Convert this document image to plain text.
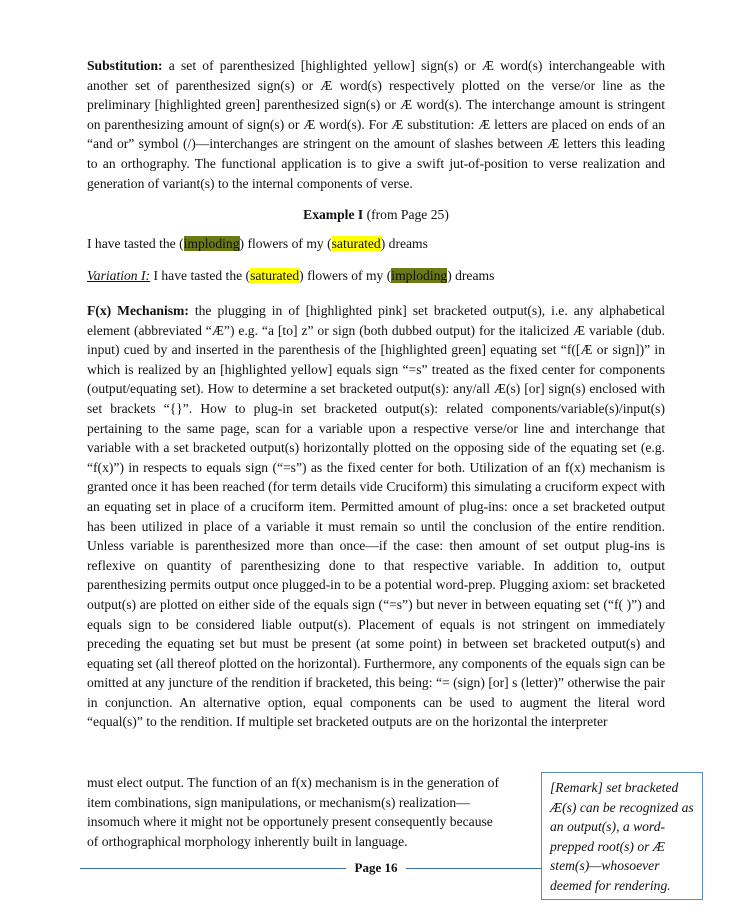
Substitution: a set of parenthesized [highlighted yellow] sign(s) or Æ word(s) interchangeable with another set of parenthesized sign(s) or Æ word(s) respectively plotted on the verse/or line as the preliminary [highlighted green] parenthesized sign(s) or Æ word(s). The interchange amount is stringent on parenthesizing amount of sign(s) or Æ word(s). For Æ substitution: Æ letters are placed on ends of an “and or” symbol (/)—interchanges are stringent on the amount of slashes between Æ letters this leading to an orthography. The functional application is to give a swift jut-of-position to verse realization and generation of variant(s) to the internal components of verse.

Example I (from Page 25)
I have tasted the (imploding) flowers of my (saturated) dreams
Variation I: I have tasted the (saturated) flowers of my (imploding) dreams

F(x) Mechanism: the plugging in of [highlighted pink] set bracketed output(s), i.e. any alphabetical element (abbreviated “Æ”) e.g. “a [to] z” or sign (both dubbed output) for the italicized Æ variable (dub. input) cued by and inserted in the parenthesis of the [highlighted green] equating set “f([Æ or sign])” in which is realized by an [highlighted yellow] equals sign “=s” treated as the fixed center for components (output/equating set). How to determine a set bracketed output(s): any/all Æ(s) [or] sign(s) enclosed with set brackets “{}”. How to plug-in set bracketed output(s): related components/variable(s)/input(s) pertaining to the same page, scan for a variable upon a respective verse/or line and interchange that variable with a set bracketed output(s) horizontally plotted on the opposing side of the equating set (e.g. “f(x)”) in respects to equals sign (“=s”) as the fixed center for both. Utilization of an f(x) mechanism is granted once it has been reached (for term details vide Cruciform) this simulating a cruciform expect with an equating set in place of a cruciform item. Permitted amount of plug-ins: once a set bracketed output has been utilized in place of a variable it must remain so until the conclusion of the entire rendition. Unless variable is parenthesized more than once—if the case: then amount of set output plug-ins is reflexive on quantity of parenthesizing done to that respective variable. In addition to, output parenthesizing permits output once plugged-in to be a potential word-prep. Plugging axiom: set bracketed output(s) are plotted on either side of the equals sign (“=s”) but never in between equating set (“f( )”) and equals sign to be considered liable output(s). Placement of equals is not stringent on immediately preceding the equating set but must be present (at some point) in between set bracketed output(s) and equating set (all thereof plotted on the horizontal). Furthermore, any components of the equals sign can be omitted at any juncture of the rendition if bracketed, this being: “= (sign) [or] s (letter)” otherwise the pair in conjunction. An alternative option, equal components can be used to augment the literal word “equal(s)” to the rendition. If multiple set bracketed outputs are on the horizontal the interpreter

must elect output. The function of an f(x) mechanism is in the generation of
item combinations, sign manipulations, or mechanism(s) realization—
insomuch where it might not be opportunely present consequently because
of orthographical morphology inherently built in language.
[Remark] set bracketed Æ(s) can be recognized as an output(s), a word-prepped root(s) or Æ stem(s)—whosoever deemed for rendering.
Page 16
